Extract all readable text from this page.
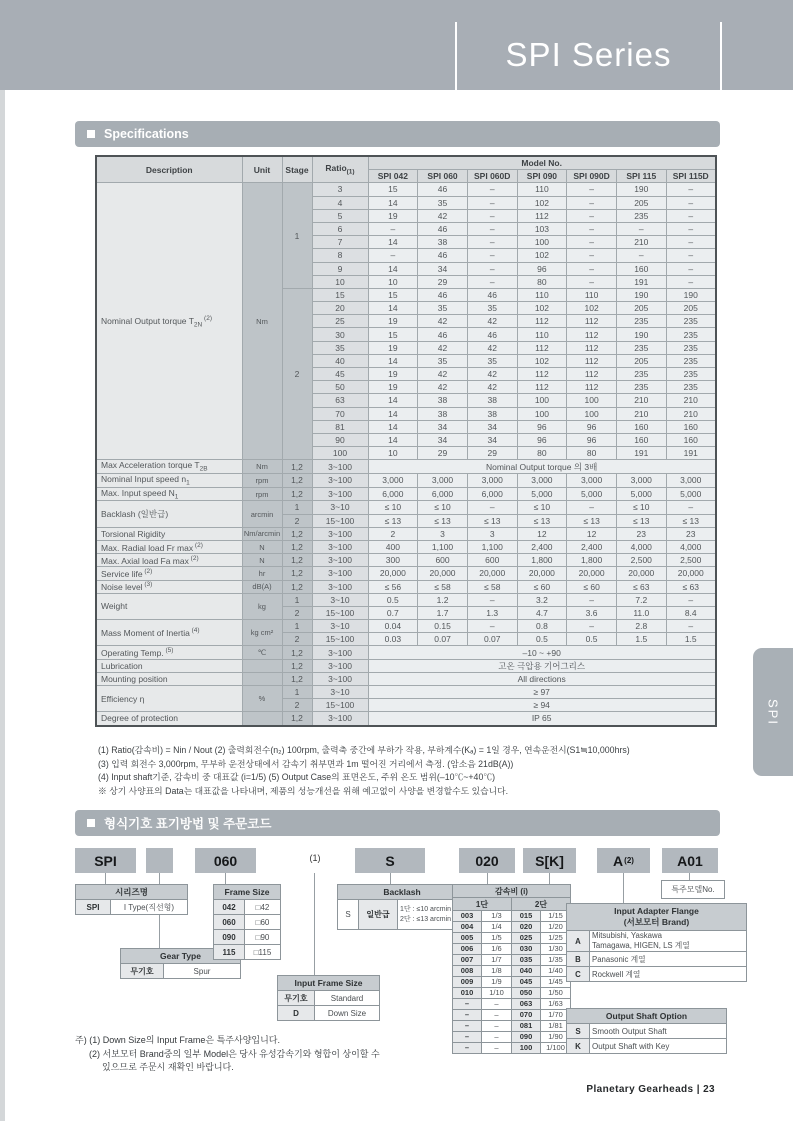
SPI Series
Specifications
Description	Unit	Stage	Ratio$_{(1)}$	Model No.						
				SPI 042	SPI 060	SPI 060D	SPI 090	SPI 090D	SPI 115	SPI 115D
Nominal Output torque $T_{2N}$ $^{(2)}$	Nm	1	3	15	46	–	110	–	190	–
			4	14	35	–	102	–	205	–
			5	19	42	–	112	–	235	–
			6	–	46	–	103	–	–	–
			7	14	38	–	100	–	210	–
			8	–	46	–	102	–	–	–
			9	14	34	–	96	–	160	–
			10	10	29	–	80	–	191	–
		2	15	15	46	46	110	110	190	190
			20	14	35	35	102	102	205	205
			25	19	42	42	112	112	235	235
			30	15	46	46	110	112	190	235
			35	19	42	42	112	112	235	235
			40	14	35	35	102	112	205	235
			45	19	42	42	112	112	235	235
			50	19	42	42	112	112	235	235
			63	14	38	38	100	100	210	210
			70	14	38	38	100	100	210	210
			81	14	34	34	96	96	160	160
			90	14	34	34	96	96	160	160
			100	10	29	29	80	80	191	191
Max Acceleration torque $T_{2B}$	Nm	1,2	3~100	Nominal Output torque 의 3배						
Nominal Input speed $n_1$	rpm	1,2	3~100	3,000	3,000	3,000	3,000	3,000	3,000	3,000
Max. Input speed $N_1$	rpm	1,2	3~100	6,000	6,000	6,000	5,000	5,000	5,000	5,000
Backlash (일반급)	arcmin	1	3~10	≤ 10	≤ 10	–	≤ 10	–	≤ 10	–
		2	15~100	≤ 13	≤ 13	≤ 13	≤ 13	≤ 13	≤ 13	≤ 13
Torsional Rigidity	Nm/arcmin	1,2	3~100	2	3	3	12	12	23	23
Max. Radial load Fr max $^{(2)}$	N	1,2	3~100	400	1,100	1,100	2,400	2,400	4,000	4,000
Max. Axial load Fa max $^{(2)}$	N	1,2	3~100	300	600	600	1,800	1,800	2,500	2,500
Service life $^{(2)}$	hr	1,2	3~100	20,000	20,000	20,000	20,000	20,000	20,000	20,000
Noise level $^{(3)}$	dB(A)	1,2	3~100	≤ 56	≤ 58	≤ 58	≤ 60	≤ 60	≤ 63	≤ 63
Weight	kg	1	3~10	0.5	1.2	–	3.2	–	7.2	–
		2	15~100	0.7	1.7	1.3	4.7	3.6	11.0	8.4
Mass Moment of Inertia $^{(4)}$	kg cm²	1	3~10	0.04	0.15	–	0.8	–	2.8	–
		2	15~100	0.03	0.07	0.07	0.5	0.5	1.5	1.5
Operating Temp. $^{(5)}$	℃	1,2	3~100	–10 ~ +90						
Lubrication		1,2	3~100	고온 극압용 기어그리스						
Mounting position		1,2	3~100	All directions						
Efficiency η	%	1	3~10	≥ 97						
		2	15~100	≥ 94						
Degree of protection		1,2	3~100	IP 65						
(1) Ratio(감속비) = Nin / Nout (2) 출력회전수(n₂) 100rpm, 출력축 중간에 부하가 작용, 부하계수(Kₐ) = 1일 경우, 연속운전시(S1≒10,000hrs)
(3) 입력 회전수 3,000rpm, 무부하 운전상태에서 감속기 취부면과 1m 떨어진 거리에서 측정. (암소음 21dB(A))
(4) Input shaft기준, 감속비 중 대표값 (i=1/5) (5) Output Case의 표면온도, 주위 온도 범위(–10℃~+40℃)
※ 상기 사양표의 Data는 대표값을 나타내며, 제품의 성능개선을 위해 예고없이 사양을 변경할수도 있습니다.
SPI
형식기호 표기방법 및 주문코드
SPI	060	(1)	S	020	S[K]	A (2)	A01
시리즈명
SPI	I Type(직선형)
Gear Type
무기호	Spur
Frame Size	
042	□42
060	□60
090	□90
115	□115
Input Frame Size	
무기호	Standard
D	Down Size
Backlash
S	일반급	
1단 : ≤10 arcmin
2단 : ≤13 arcmin
감속비 (i)			
1단		2단	
003	1/3	015	1/15
004	1/4	020	1/20
005	1/5	025	1/25
006	1/6	030	1/30
007	1/7	035	1/35
008	1/8	040	1/40
009	1/9	045	1/45
010	1/10	050	1/50
–	–	063	1/63
–	–	070	1/70
–	–	081	1/81
–	–	090	1/90
–	–	100	1/100
특주모델No.
Input Adapter Flange
(서보모터 Brand)	

A	Mitsubishi, Yaskawa
Tamagawa, HIGEN, LS 계열

B	Panasonic 계열

C	Rockwell 계열
Output Shaft Option	
S	Smooth Output Shaft
K	Output Shaft with Key
주) (1) Down Size의 Input Frame은 특주사양입니다.
(2) 서보모터 Brand중의 일부 Model은 당사 유성감속기와 형합이 상이할 수
있으므로 주문시 재확인 바랍니다.
Planetary Gearheads | 23
